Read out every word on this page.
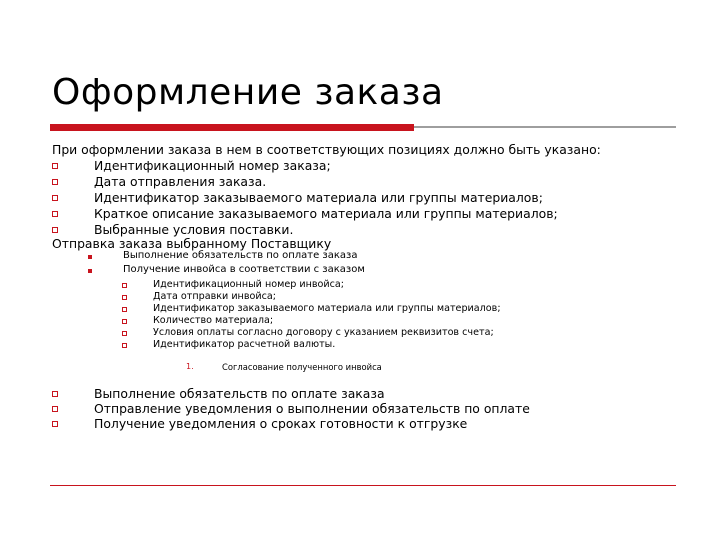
Оформление заказа
При оформлении заказа в нем в соответствующих позициях должно быть указано:
Идентификационный номер заказа;
Дата отправления заказа.
Идентификатор заказываемого материала или группы материалов;
Краткое описание заказываемого материала или группы материалов;
Выбранные условия поставки.
Отправка заказа выбранному Поставщику
Выполнение обязательств по оплате заказа
Получение инвойса в соответствии с заказом
Идентификационный номер инвойса;
Дата отправки инвойса;
Идентификатор заказываемого материала или группы материалов;
Количество материала;
Условия оплаты согласно договору с указанием реквизитов счета;
Идентификатор расчетной валюты.
1.	Согласование полученного инвойса
Выполнение обязательств по оплате заказа
Отправление уведомления о выполнении обязательств по оплате
Получение уведомления о сроках готовности к отгрузке
